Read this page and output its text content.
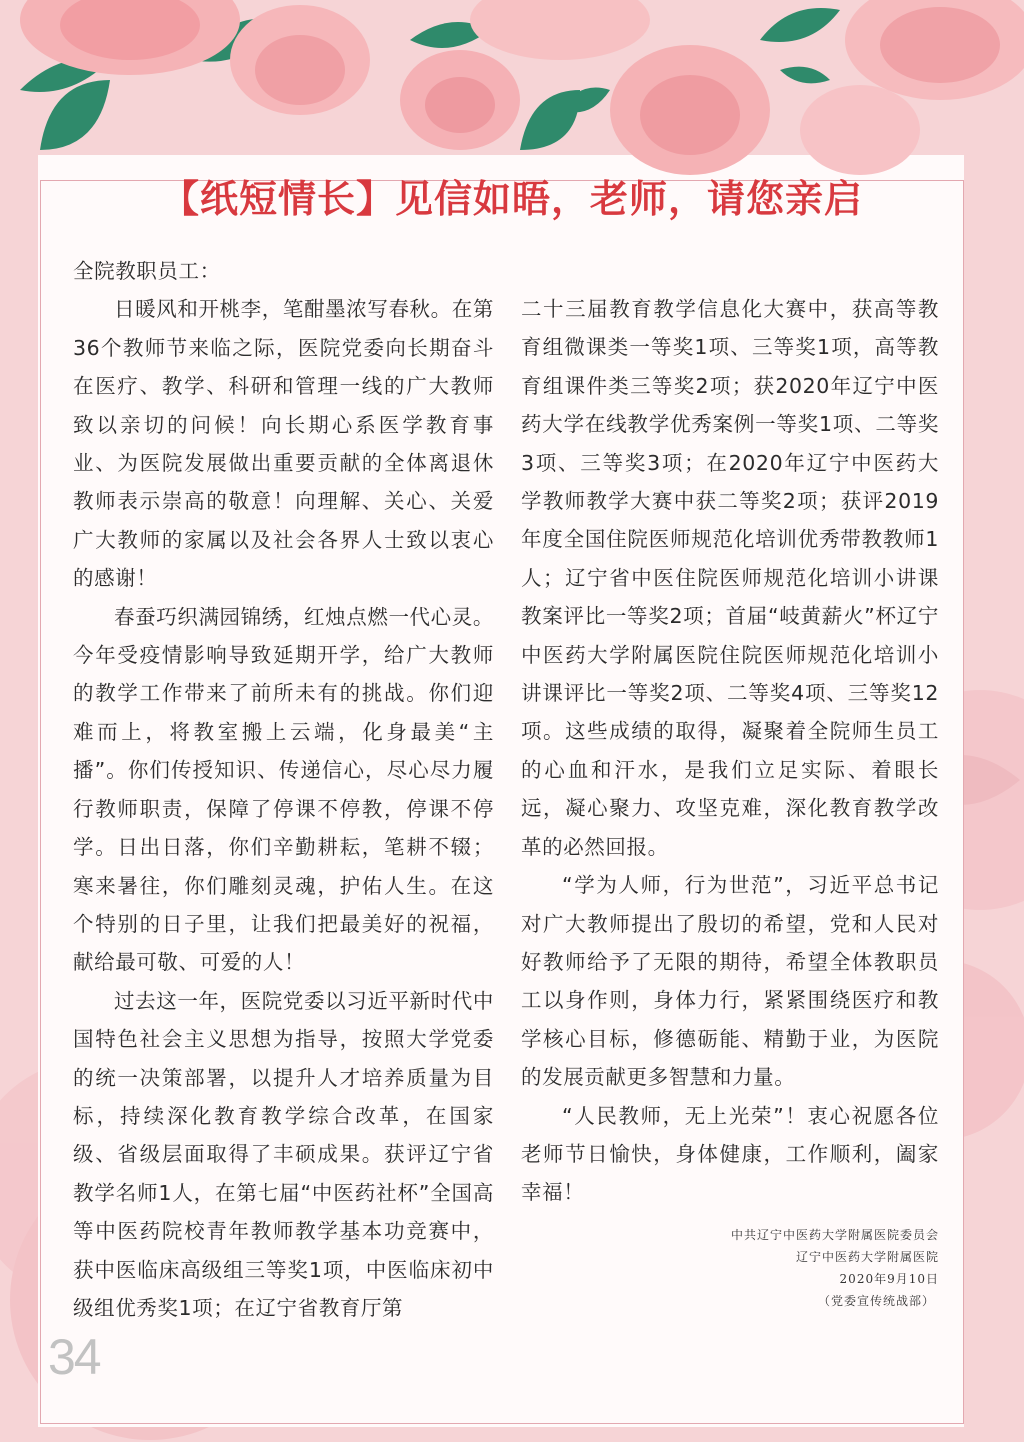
【纸短情长】见信如晤，老师，请您亲启

全院教职员工：

日暖风和开桃李，笔酣墨浓写春秋。在第36个教师节来临之际，医院党委向长期奋斗在医疗、教学、科研和管理一线的广大教师致以亲切的问候！向长期心系医学教育事业、为医院发展做出重要贡献的全体离退休教师表示崇高的敬意！向理解、关心、关爱广大教师的家属以及社会各界人士致以衷心的感谢！

春蚕巧织满园锦绣，红烛点燃一代心灵。今年受疫情影响导致延期开学，给广大教师的教学工作带来了前所未有的挑战。你们迎难而上，将教室搬上云端，化身最美“主播”。你们传授知识、传递信心，尽心尽力履行教师职责，保障了停课不停教，停课不停学。日出日落，你们辛勤耕耘，笔耕不辍；寒来暑往，你们雕刻灵魂，护佑人生。在这个特别的日子里，让我们把最美好的祝福，献给最可敬、可爱的人！

过去这一年，医院党委以习近平新时代中国特色社会主义思想为指导，按照大学党委的统一决策部署，以提升人才培养质量为目标，持续深化教育教学综合改革，在国家级、省级层面取得了丰硕成果。获评辽宁省教学名师1人，在第七届“中医药社杯”全国高等中医药院校青年教师教学基本功竞赛中，获中医临床高级组三等奖1项，中医临床初中级组优秀奖1项；在辽宁省教育厅第

二十三届教育教学信息化大赛中，获高等教育组微课类一等奖1项、三等奖1项，高等教育组课件类三等奖2项；获2020年辽宁中医药大学在线教学优秀案例一等奖1项、二等奖3项、三等奖3项；在2020年辽宁中医药大学教师教学大赛中获二等奖2项；获评2019年度全国住院医师规范化培训优秀带教教师1人；辽宁省中医住院医师规范化培训小讲课教案评比一等奖2项；首届“岐黄薪火”杯辽宁中医药大学附属医院住院医师规范化培训小讲课评比一等奖2项、二等奖4项、三等奖12项。这些成绩的取得，凝聚着全院师生员工的心血和汗水，是我们立足实际、着眼长远，凝心聚力、攻坚克难，深化教育教学改革的必然回报。

“学为人师，行为世范”，习近平总书记对广大教师提出了殷切的希望，党和人民对好教师给予了无限的期待，希望全体教职员工以身作则，身体力行，紧紧围绕医疗和教学核心目标，修德砺能、精勤于业，为医院的发展贡献更多智慧和力量。

“人民教师，无上光荣”！衷心祝愿各位老师节日愉快，身体健康，工作顺利，阖家幸福！

中共辽宁中医药大学附属医院委员会
辽宁中医药大学附属医院
2020年9月10日
（党委宣传统战部）
34
